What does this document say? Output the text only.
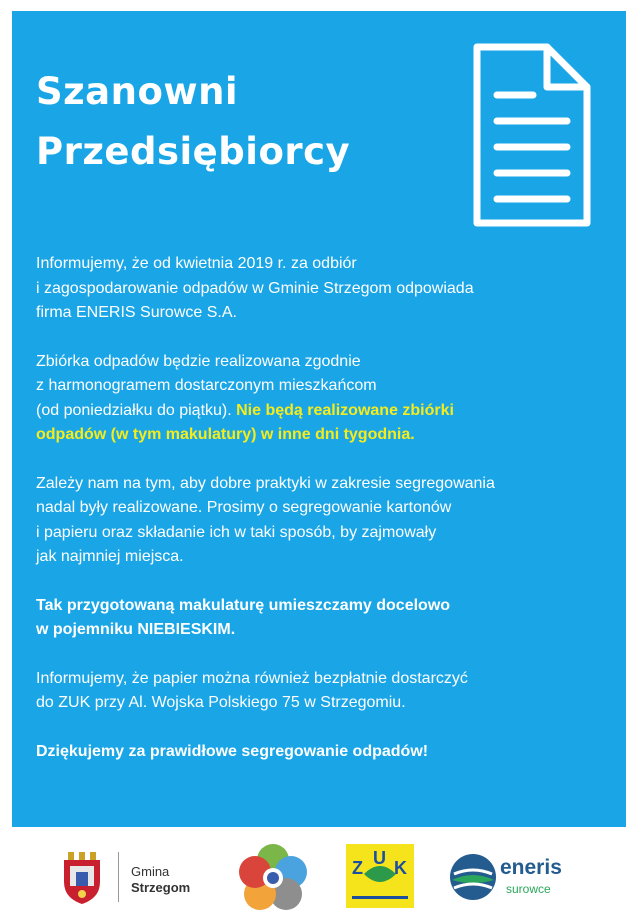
Szanowni
Przedsiębiorcy

Informujemy, że od kwietnia 2019 r. za odbiór
i zagospodarowanie odpadów w Gminie Strzegom odpowiada
firma ENERIS Surowce S.A.

Zbiórka odpadów będzie realizowana zgodnie
z harmonogramem dostarczonym mieszkańcom
(od poniedziałku do piątku). Nie będą realizowane zbiórki
odpadów (w tym makulatury) w inne dni tygodnia.

Zależy nam na tym, aby dobre praktyki w zakresie segregowania
nadal były realizowane. Prosimy o segregowanie kartonów
i papieru oraz składanie ich w taki sposób, by zajmowały
jak najmniej miejsca.

Tak przygotowaną makulaturę umieszczamy docelowo
w pojemniku NIEBIESKIM.

Informujemy, że papier można również bezpłatnie dostarczyć
do ZUK przy Al. Wojska Polskiego 75 w Strzegomiu.

Dziękujemy za prawidłowe segregowanie odpadów!

Gmina
Strzegom
Z U K	eneris
surowce
